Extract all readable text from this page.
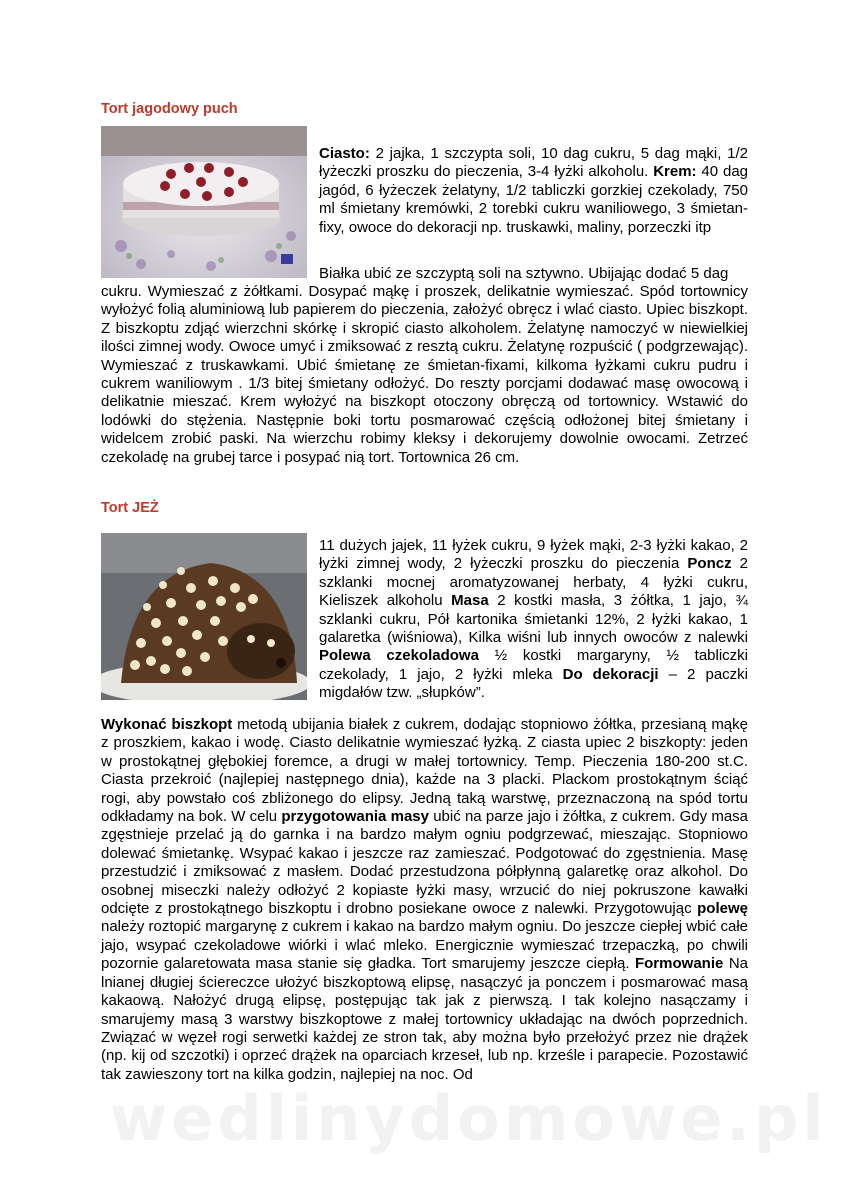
wedlinydomowe.pl
Tort jagodowy puch

Ciasto: 2 jajka, 1 szczypta soli, 10 dag cukru, 5 dag mąki, 1/2 łyżeczki proszku do pieczenia, 3-4 łyżki alkoholu. Krem: 40 dag jagód, 6 łyżeczek żelatyny, 1/2 tabliczki gorzkiej czekolady, 750 ml śmietany kremówki, 2 torebki cukru waniliowego, 3 śmietan-fixy, owoce do dekoracji np. truskawki, maliny, porzeczki itp

Białka ubić ze szczyptą soli na sztywno. Ubijając dodać 5 dag

cukru. Wymieszać z żółtkami. Dosypać mąkę i proszek, delikatnie wymieszać. Spód tortownicy wyłożyć folią aluminiową lub papierem do pieczenia, założyć obręcz i wlać ciasto. Upiec biszkopt. Z biszkoptu zdjąć wierzchni skórkę i skropić ciasto alkoholem. Żelatynę namoczyć w niewielkiej ilości zimnej wody. Owoce umyć i zmiksować z resztą cukru. Żelatynę rozpuścić ( podgrzewając). Wymieszać z truskawkami. Ubić śmietanę ze śmietan-fixami, kilkoma łyżkami cukru pudru i cukrem waniliowym . 1/3 bitej śmietany odłożyć. Do reszty porcjami dodawać masę owocową i delikatnie mieszać. Krem wyłożyć na biszkopt otoczony obręczą od tortownicy. Wstawić do lodówki do stężenia. Następnie boki tortu posmarować częścią odłożonej bitej śmietany i widelcem zrobić paski. Na wierzchu robimy kleksy i dekorujemy dowolnie owocami. Zetrzeć czekoladę na grubej tarce i posypać nią tort. Tortownica 26 cm.

Tort JEŻ

11 dużych jajek, 11 łyżek cukru, 9 łyżek mąki, 2-3 łyżki kakao, 2 łyżki zimnej wody, 2 łyżeczki proszku do pieczenia Poncz 2 szklanki mocnej aromatyzowanej herbaty, 4 łyżki cukru, Kieliszek alkoholu Masa 2 kostki masła, 3 żółtka, 1 jajo, ¾ szklanki cukru, Pół kartonika śmietanki 12%, 2 łyżki kakao, 1 galaretka (wiśniowa), Kilka wiśni lub innych owoców z nalewki Polewa czekoladowa ½ kostki margaryny, ½ tabliczki czekolady, 1 jajo, 2 łyżki mleka Do dekoracji – 2 paczki migdałów tzw. „słupków”.

Wykonać biszkopt metodą ubijania białek z cukrem, dodając stopniowo żółtka, przesianą mąkę z proszkiem, kakao i wodę. Ciasto delikatnie wymieszać łyżką. Z ciasta upiec 2 biszkopty: jeden w prostokątnej głębokiej foremce, a drugi w małej tortownicy. Temp. Pieczenia 180-200 st.C. Ciasta przekroić (najlepiej następnego dnia), każde na 3 placki. Plackom prostokątnym ściąć rogi, aby powstało coś zbliżonego do elipsy. Jedną taką warstwę, przeznaczoną na spód tortu odkładamy na bok. W celu przygotowania masy ubić na parze jajo i żółtka, z cukrem. Gdy masa zgęstnieje przelać ją do garnka i na bardzo małym ogniu podgrzewać, mieszając. Stopniowo dolewać śmietankę. Wsypać kakao i jeszcze raz zamieszać. Podgotować do zgęstnienia. Masę przestudzić i zmiksować z masłem. Dodać przestudzona półpłynną galaretkę oraz alkohol. Do osobnej miseczki należy odłożyć 2 kopiaste łyżki masy, wrzucić do niej pokruszone kawałki odcięte z prostokątnego biszkoptu i drobno posiekane owoce z nalewki. Przygotowując polewę należy roztopić margarynę z cukrem i kakao na bardzo małym ogniu. Do jeszcze ciepłej wbić całe jajo, wsypać czekoladowe wiórki i wlać mleko. Energicznie wymieszać trzepaczką, po chwili pozornie galaretowata masa stanie się gładka. Tort smarujemy jeszcze ciepłą. Formowanie Na lnianej długiej ściereczce ułożyć biszkoptową elipsę, nasączyć ja ponczem i posmarować masą kakaową. Nałożyć drugą elipsę, postępując tak jak z pierwszą. I tak kolejno nasączamy i smarujemy masą 3 warstwy biszkoptowe z małej tortownicy układając na dwóch poprzednich. Związać w węzeł rogi serwetki każdej ze stron tak, aby można było przełożyć przez nie drążek (np. kij od szczotki) i oprzeć drążek na oparciach krzeseł, lub np. krześle i parapecie. Pozostawić tak zawieszony tort na kilka godzin, najlepiej na noc. Od
